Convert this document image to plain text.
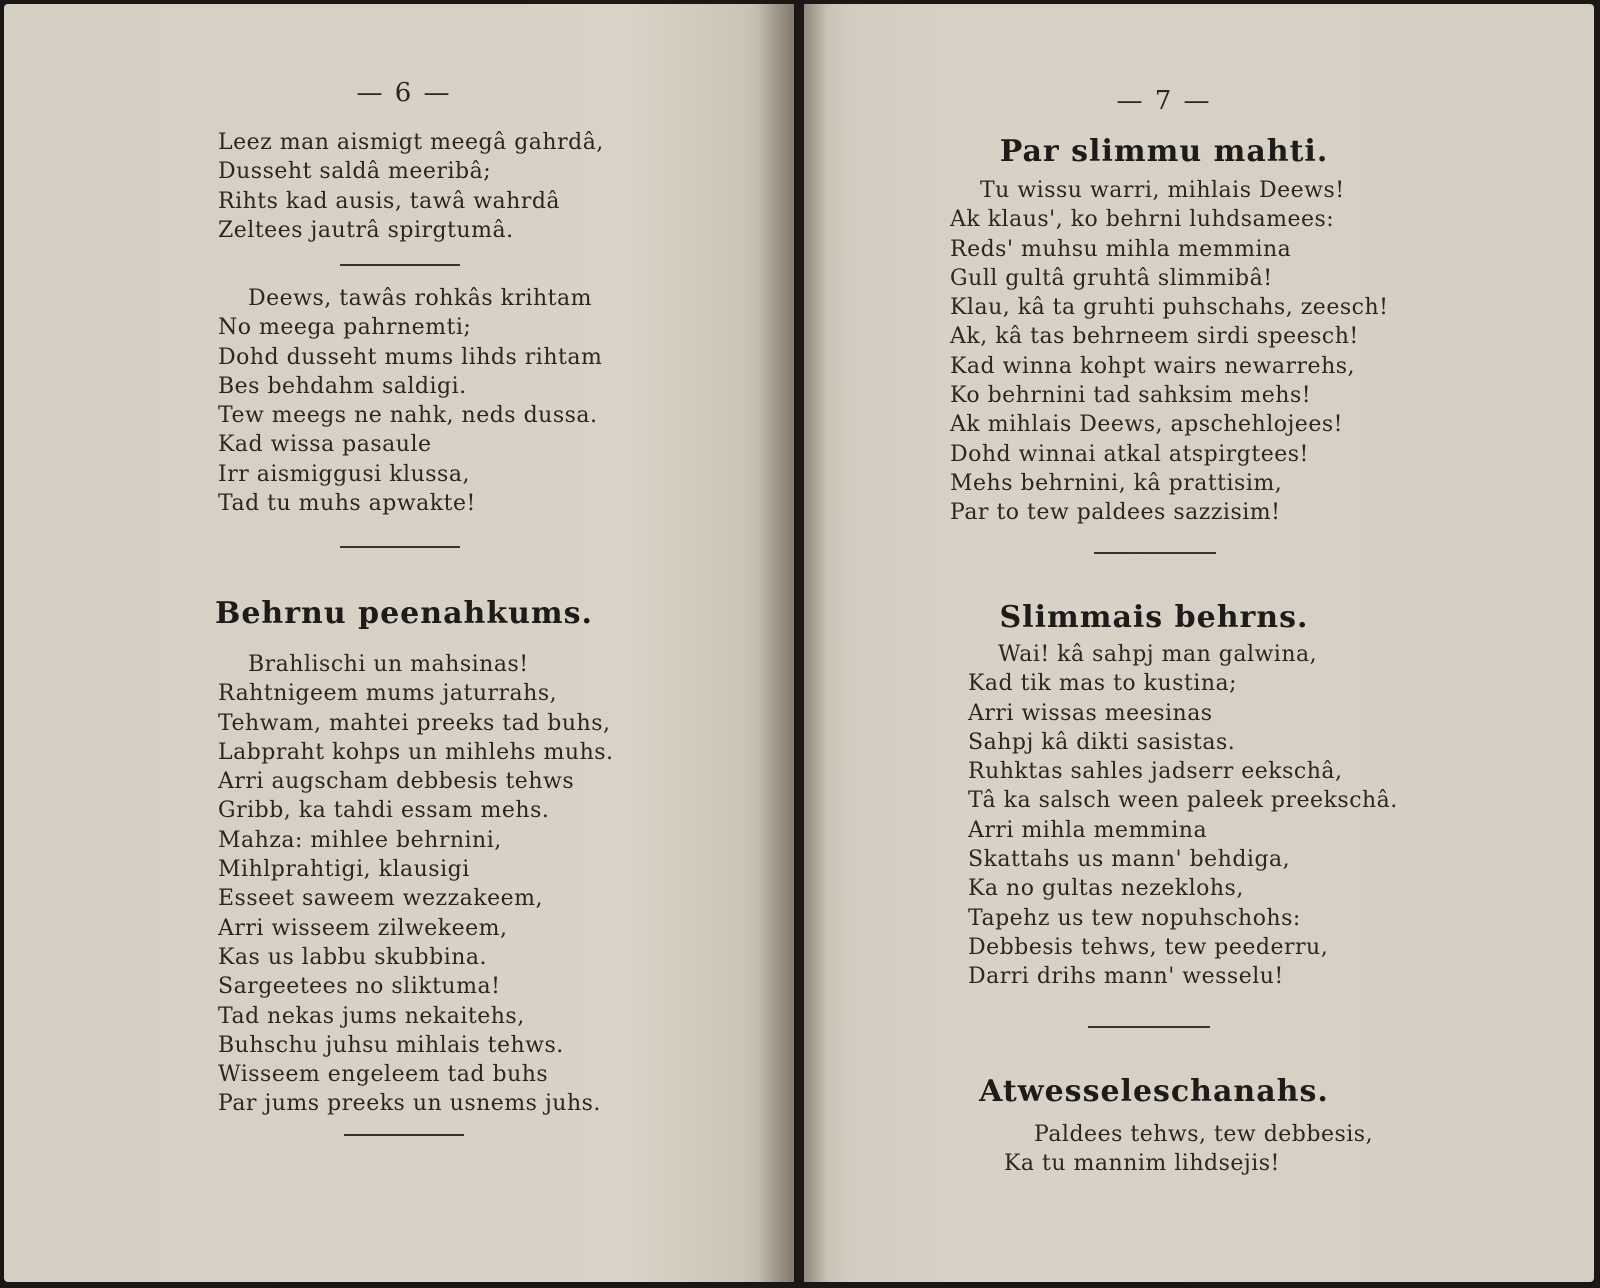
— 6 —
Leez man aismigt meegâ gahrdâ,
Dusseht saldâ meeribâ;
Rihts kad ausis, tawâ wahrdâ
Zeltees jautrâ spirgtumâ.
Deews, tawâs rohkâs krihtam
No meega pahrnemti;
Dohd dusseht mums lihds rihtam
Bes behdahm saldigi.
Tew meegs ne nahk, neds dussa.
Kad wissa pasaule
Irr aismiggusi klussa,
Tad tu muhs apwakte!
Behrnu peenahkums.
Brahlischi un mahsinas!
Rahtnigeem mums jaturrahs,
Tehwam, mahtei preeks tad buhs,
Labpraht kohps un mihlehs muhs.
Arri augscham debbesis tehws
Gribb, ka tahdi essam mehs.
Mahza: mihlee behrnini,
Mihlprahtigi, klausigi
Esseet saweem wezzakeem,
Arri wisseem zilwekeem,
Kas us labbu skubbina.
Sargeetees no sliktuma!
Tad nekas jums nekaitehs,
Buhschu juhsu mihlais tehws.
Wisseem engeleem tad buhs
Par jums preeks un usnems juhs.
— 7 —
Par slimmu mahti.
Tu wissu warri, mihlais Deews!
Ak klaus', ko behrni luhdsamees:
Reds' muhsu mihla memmina
Gull gultâ gruhtâ slimmibâ!
Klau, kâ ta gruhti puhschahs, zeesch!
Ak, kâ tas behrneem sirdi speesch!
Kad winna kohpt wairs newarrehs,
Ko behrnini tad sahksim mehs!
Ak mihlais Deews, apschehlojees!
Dohd winnai atkal atspirgtees!
Mehs behrnini, kâ prattisim,
Par to tew paldees sazzisim!
Slimmais behrns.
Wai! kâ sahpj man galwina,
Kad tik mas to kustina;
Arri wissas meesinas
Sahpj kâ dikti sasistas.
Ruhktas sahles jadserr eekschâ,
Tâ ka salsch ween paleek preekschâ.
Arri mihla memmina
Skattahs us mann' behdiga,
Ka no gultas nezeklohs,
Tapehz us tew nopuhschohs:
Debbesis tehws, tew peederru,
Darri drihs mann' wesselu!
Atwesseleschanahs.
Paldees tehws, tew debbesis,
Ka tu mannim lihdsejis!
